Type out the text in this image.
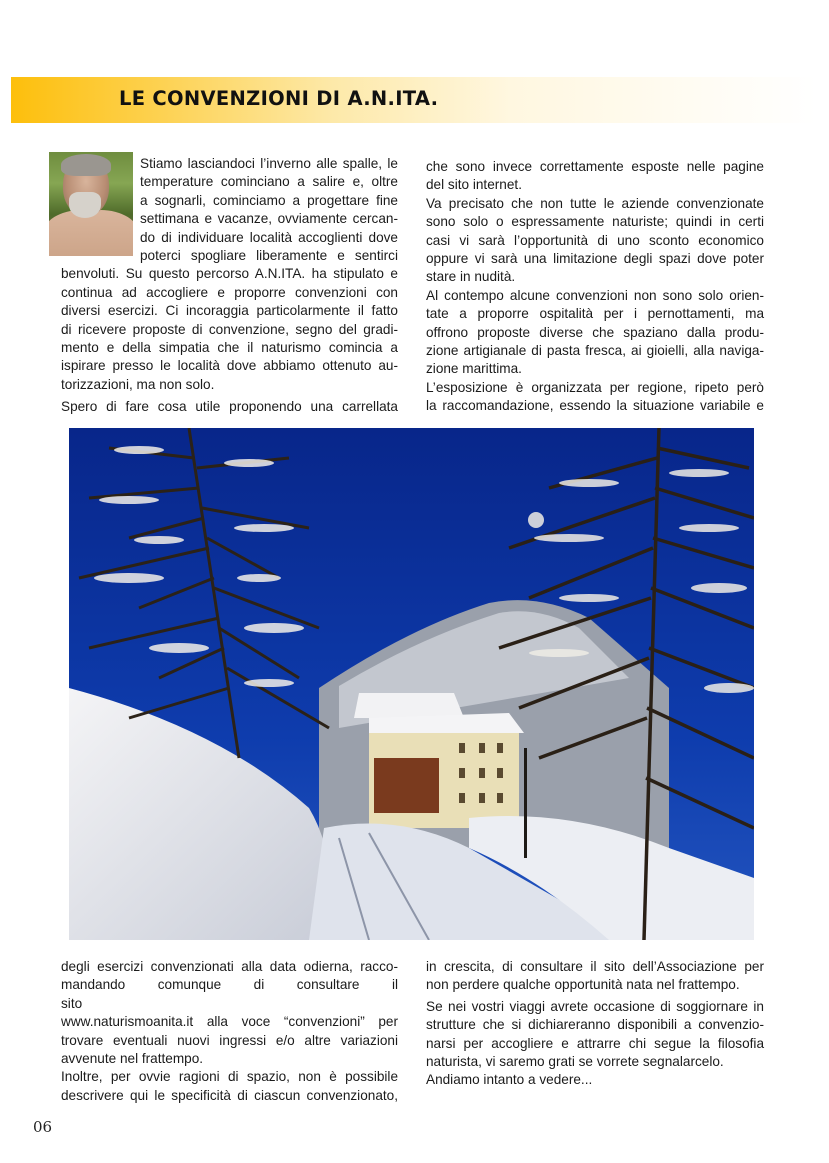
LE CONVENZIONI DI A.N.ITA.
Stiamo lasciandoci l’inverno alle spalle, le
temperature cominciano a salire e, oltre
a sognarli, cominciamo a progettare fine
settimana e vacanze, ovviamente cercan-
do di individuare località accoglienti dove
poterci spogliare liberamente e sentirci
benvoluti. Su questo percorso A.N.ITA. ha stipulato e
continua ad accogliere e proporre convenzioni con
diversi esercizi. Ci incoraggia particolarmente il fatto
di ricevere proposte di convenzione, segno del gradi-
mento e della simpatia che il naturismo comincia a
ispirare presso le località dove abbiamo ottenuto au-
torizzazioni, ma non solo.
Spero di fare cosa utile proponendo una carrellata
che sono invece correttamente esposte nelle pagine
del sito internet.
Va precisato che non tutte le aziende convenzionate
sono solo o espressamente naturiste; quindi in certi
casi vi sarà l’opportunità di uno sconto economico
oppure vi sarà una limitazione degli spazi dove poter
stare in nudità.
Al contempo alcune convenzioni non sono solo orien-
tate a proporre ospitalità per i pernottamenti, ma
offrono proposte diverse che spaziano dalla produ-
zione artigianale di pasta fresca, ai gioielli, alla naviga-
zione marittima.
L’esposizione è organizzata per regione, ripeto però
la raccomandazione, essendo la situazione variabile e
degli esercizi convenzionati alla data odierna, racco-
mandando comunque di consultare il sito
www.naturismoanita.it alla voce “convenzioni” per
trovare eventuali nuovi ingressi e/o altre variazioni
avvenute nel frattempo.
Inoltre, per ovvie ragioni di spazio, non è possibile
descrivere qui le specificità di ciascun convenzionato,
in crescita, di consultare il sito dell’Associazione per
non perdere qualche opportunità nata nel frattempo.
Se nei vostri viaggi avrete occasione di soggiornare in
strutture che si dichiareranno disponibili a convenzio-
narsi per accogliere e attrarre chi segue la filosofia
naturista, vi saremo grati se vorrete segnalarcelo.
Andiamo intanto a vedere...
06
